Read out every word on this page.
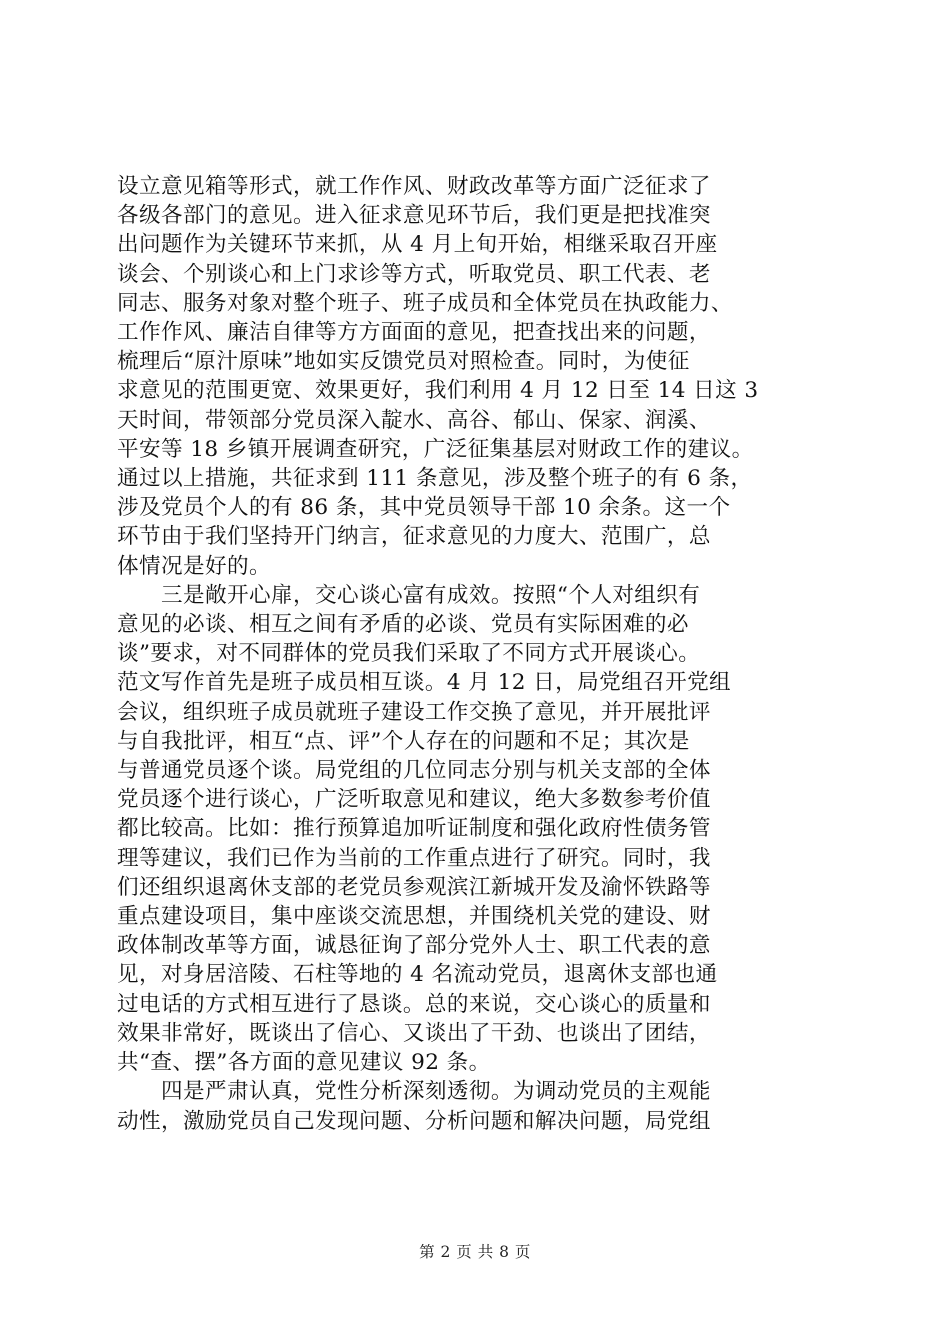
设立意见箱等形式，就工作作风、财政改革等方面广泛征求了
各级各部门的意见。进入征求意见环节后，我们更是把找准突
出问题作为关键环节来抓，从 4 月上旬开始，相继采取召开座
谈会、个别谈心和上门求诊等方式，听取党员、职工代表、老
同志、服务对象对整个班子、班子成员和全体党员在执政能力、
工作作风、廉洁自律等方方面面的意见，把查找出来的问题，
梳理后“原汁原味”地如实反馈党员对照检查。同时，为使征
求意见的范围更宽、效果更好，我们利用 4 月 12 日至 14 日这 3
天时间，带领部分党员深入靛水、高谷、郁山、保家、润溪、
平安等 18 乡镇开展调查研究，广泛征集基层对财政工作的建议。
通过以上措施，共征求到 111 条意见，涉及整个班子的有 6 条，
涉及党员个人的有 86 条，其中党员领导干部 10 余条。这一个
环节由于我们坚持开门纳言，征求意见的力度大、范围广，总
体情况是好的。

三是敞开心扉，交心谈心富有成效。按照“个人对组织有
意见的必谈、相互之间有矛盾的必谈、党员有实际困难的必
谈”要求，对不同群体的党员我们采取了不同方式开展谈心。
范文写作首先是班子成员相互谈。4 月 12 日，局党组召开党组
会议，组织班子成员就班子建设工作交换了意见，并开展批评
与自我批评，相互“点、评”个人存在的问题和不足；其次是
与普通党员逐个谈。局党组的几位同志分别与机关支部的全体
党员逐个进行谈心，广泛听取意见和建议，绝大多数参考价值
都比较高。比如：推行预算追加听证制度和强化政府性债务管
理等建议，我们已作为当前的工作重点进行了研究。同时，我
们还组织退离休支部的老党员参观滨江新城开发及渝怀铁路等
重点建设项目，集中座谈交流思想，并围绕机关党的建设、财
政体制改革等方面，诚恳征询了部分党外人士、职工代表的意
见，对身居涪陵、石柱等地的 4 名流动党员，退离休支部也通
过电话的方式相互进行了恳谈。总的来说，交心谈心的质量和
效果非常好，既谈出了信心、又谈出了干劲、也谈出了团结，
共“查、摆”各方面的意见建议 92 条。

四是严肃认真，党性分析深刻透彻。为调动党员的主观能
动性，激励党员自己发现问题、分析问题和解决问题，局党组

第 2 页 共 8 页
